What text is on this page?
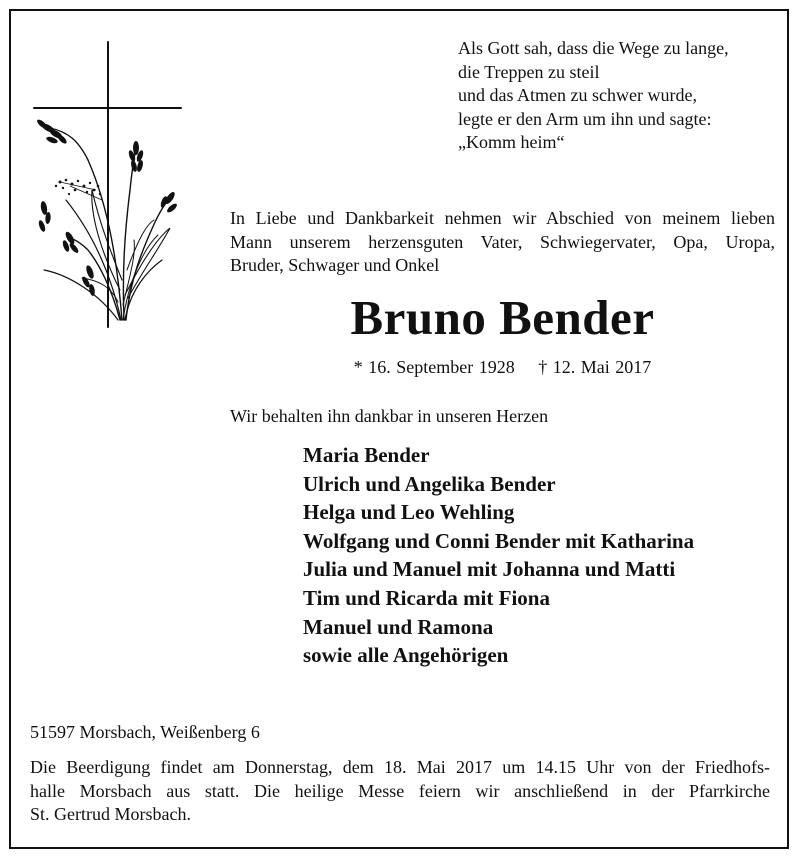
Als Gott sah, dass die Wege zu lange,
die Treppen zu steil
und das Atmen zu schwer wurde,
legte er den Arm um ihn und sagte:
„Komm heim“
In Liebe und Dankbarkeit nehmen wir Abschied von meinem lieben
Mann unserem herzensguten Vater, Schwiegervater, Opa, Uropa,
Bruder, Schwager und Onkel
Bruno Bender
* 16. September 1928 † 12. Mai 2017
Wir behalten ihn dankbar in unseren Herzen
Maria Bender
Ulrich und Angelika Bender
Helga und Leo Wehling
Wolfgang und Conni Bender mit Katharina
Julia und Manuel mit Johanna und Matti
Tim und Ricarda mit Fiona
Manuel und Ramona
sowie alle Angehörigen
51597 Morsbach, Weißenberg 6
Die Beerdigung findet am Donnerstag, dem 18. Mai 2017 um 14.15 Uhr von der Friedhofs-
halle Morsbach aus statt. Die heilige Messe feiern wir anschließend in der Pfarrkirche
St. Gertrud Morsbach.
